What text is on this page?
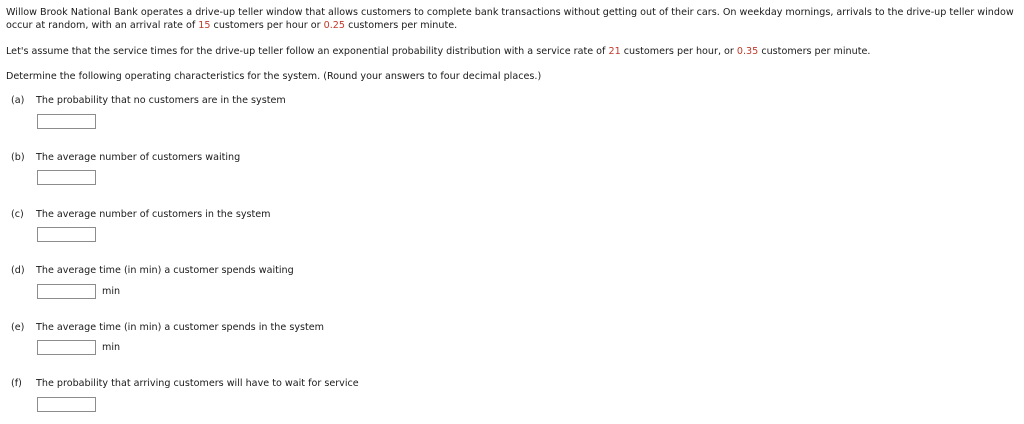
Willow Brook National Bank operates a drive-up teller window that allows customers to complete bank transactions without getting out of their cars. On weekday mornings, arrivals to the drive-up teller window occur at random, with an arrival rate of 15 customers per hour or 0.25 customers per minute.

Let's assume that the service times for the drive-up teller follow an exponential probability distribution with a service rate of 21 customers per hour, or 0.35 customers per minute.

Determine the following operating characteristics for the system. (Round your answers to four decimal places.)

(a) The probability that no customers are in the system
(b) The average number of customers waiting
(c) The average number of customers in the system
(d) The average time (in min) a customer spends waiting
min
(e) The average time (in min) a customer spends in the system
min
(f) The probability that arriving customers will have to wait for service
